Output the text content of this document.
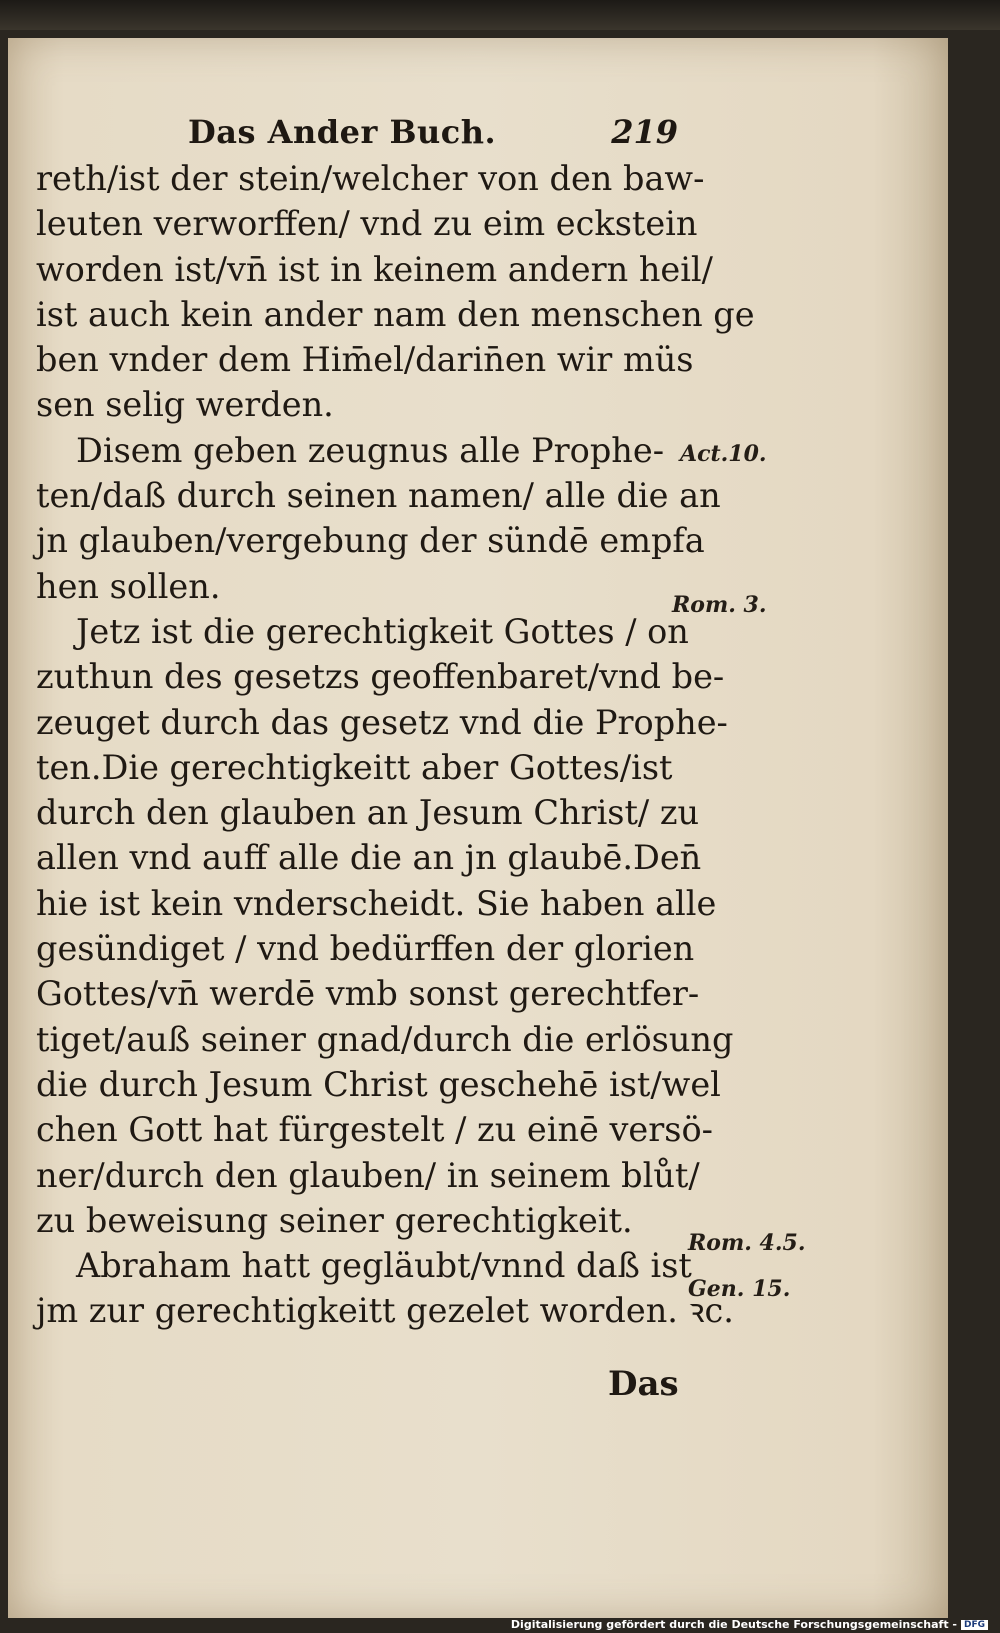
Das Ander Buch.	219
reth/ist der stein/welcher von den baw-
leuten verworffen/ vnd zu eim eckstein
worden ist/vn̄ ist in keinem andern heil/
ist auch kein ander nam den menschen ge
ben vnder dem Him̄el/darin̄en wir müs
sen selig werden.
Disem geben zeugnus alle Prophe-
ten/daß durch seinen namen/ alle die an
jn glauben/vergebung der sündē empfa
hen sollen.
Jetz ist die gerechtigkeit Gottes / on
zuthun des gesetzs geoffenbaret/vnd be-
zeuget durch das gesetz vnd die Prophe-
ten.Die gerechtigkeitt aber Gottes/ist
durch den glauben an Jesum Christ/ zu
allen vnd auff alle die an jn glaubē.Den̄
hie ist kein vnderscheidt. Sie haben alle
gesündiget / vnd bedürffen der glorien
Gottes/vn̄ werdē vmb sonst gerechtfer-
tiget/auß seiner gnad/durch die erlösung
die durch Jesum Christ geschehē ist/wel
chen Gott hat fürgestelt / zu einē versö-
ner/durch den glauben/ in seinem blůt/
zu beweisung seiner gerechtigkeit.
Abraham hatt gegläubt/vnnd daß ist
jm zur gerechtigkeitt gezelet worden. ꝛc.
Act.10.
Rom. 3.
Rom. 4.5.
Gen. 15.
Das
Digitalisierung gefördert durch die Deutsche Forschungsgemeinschaft - DFG
